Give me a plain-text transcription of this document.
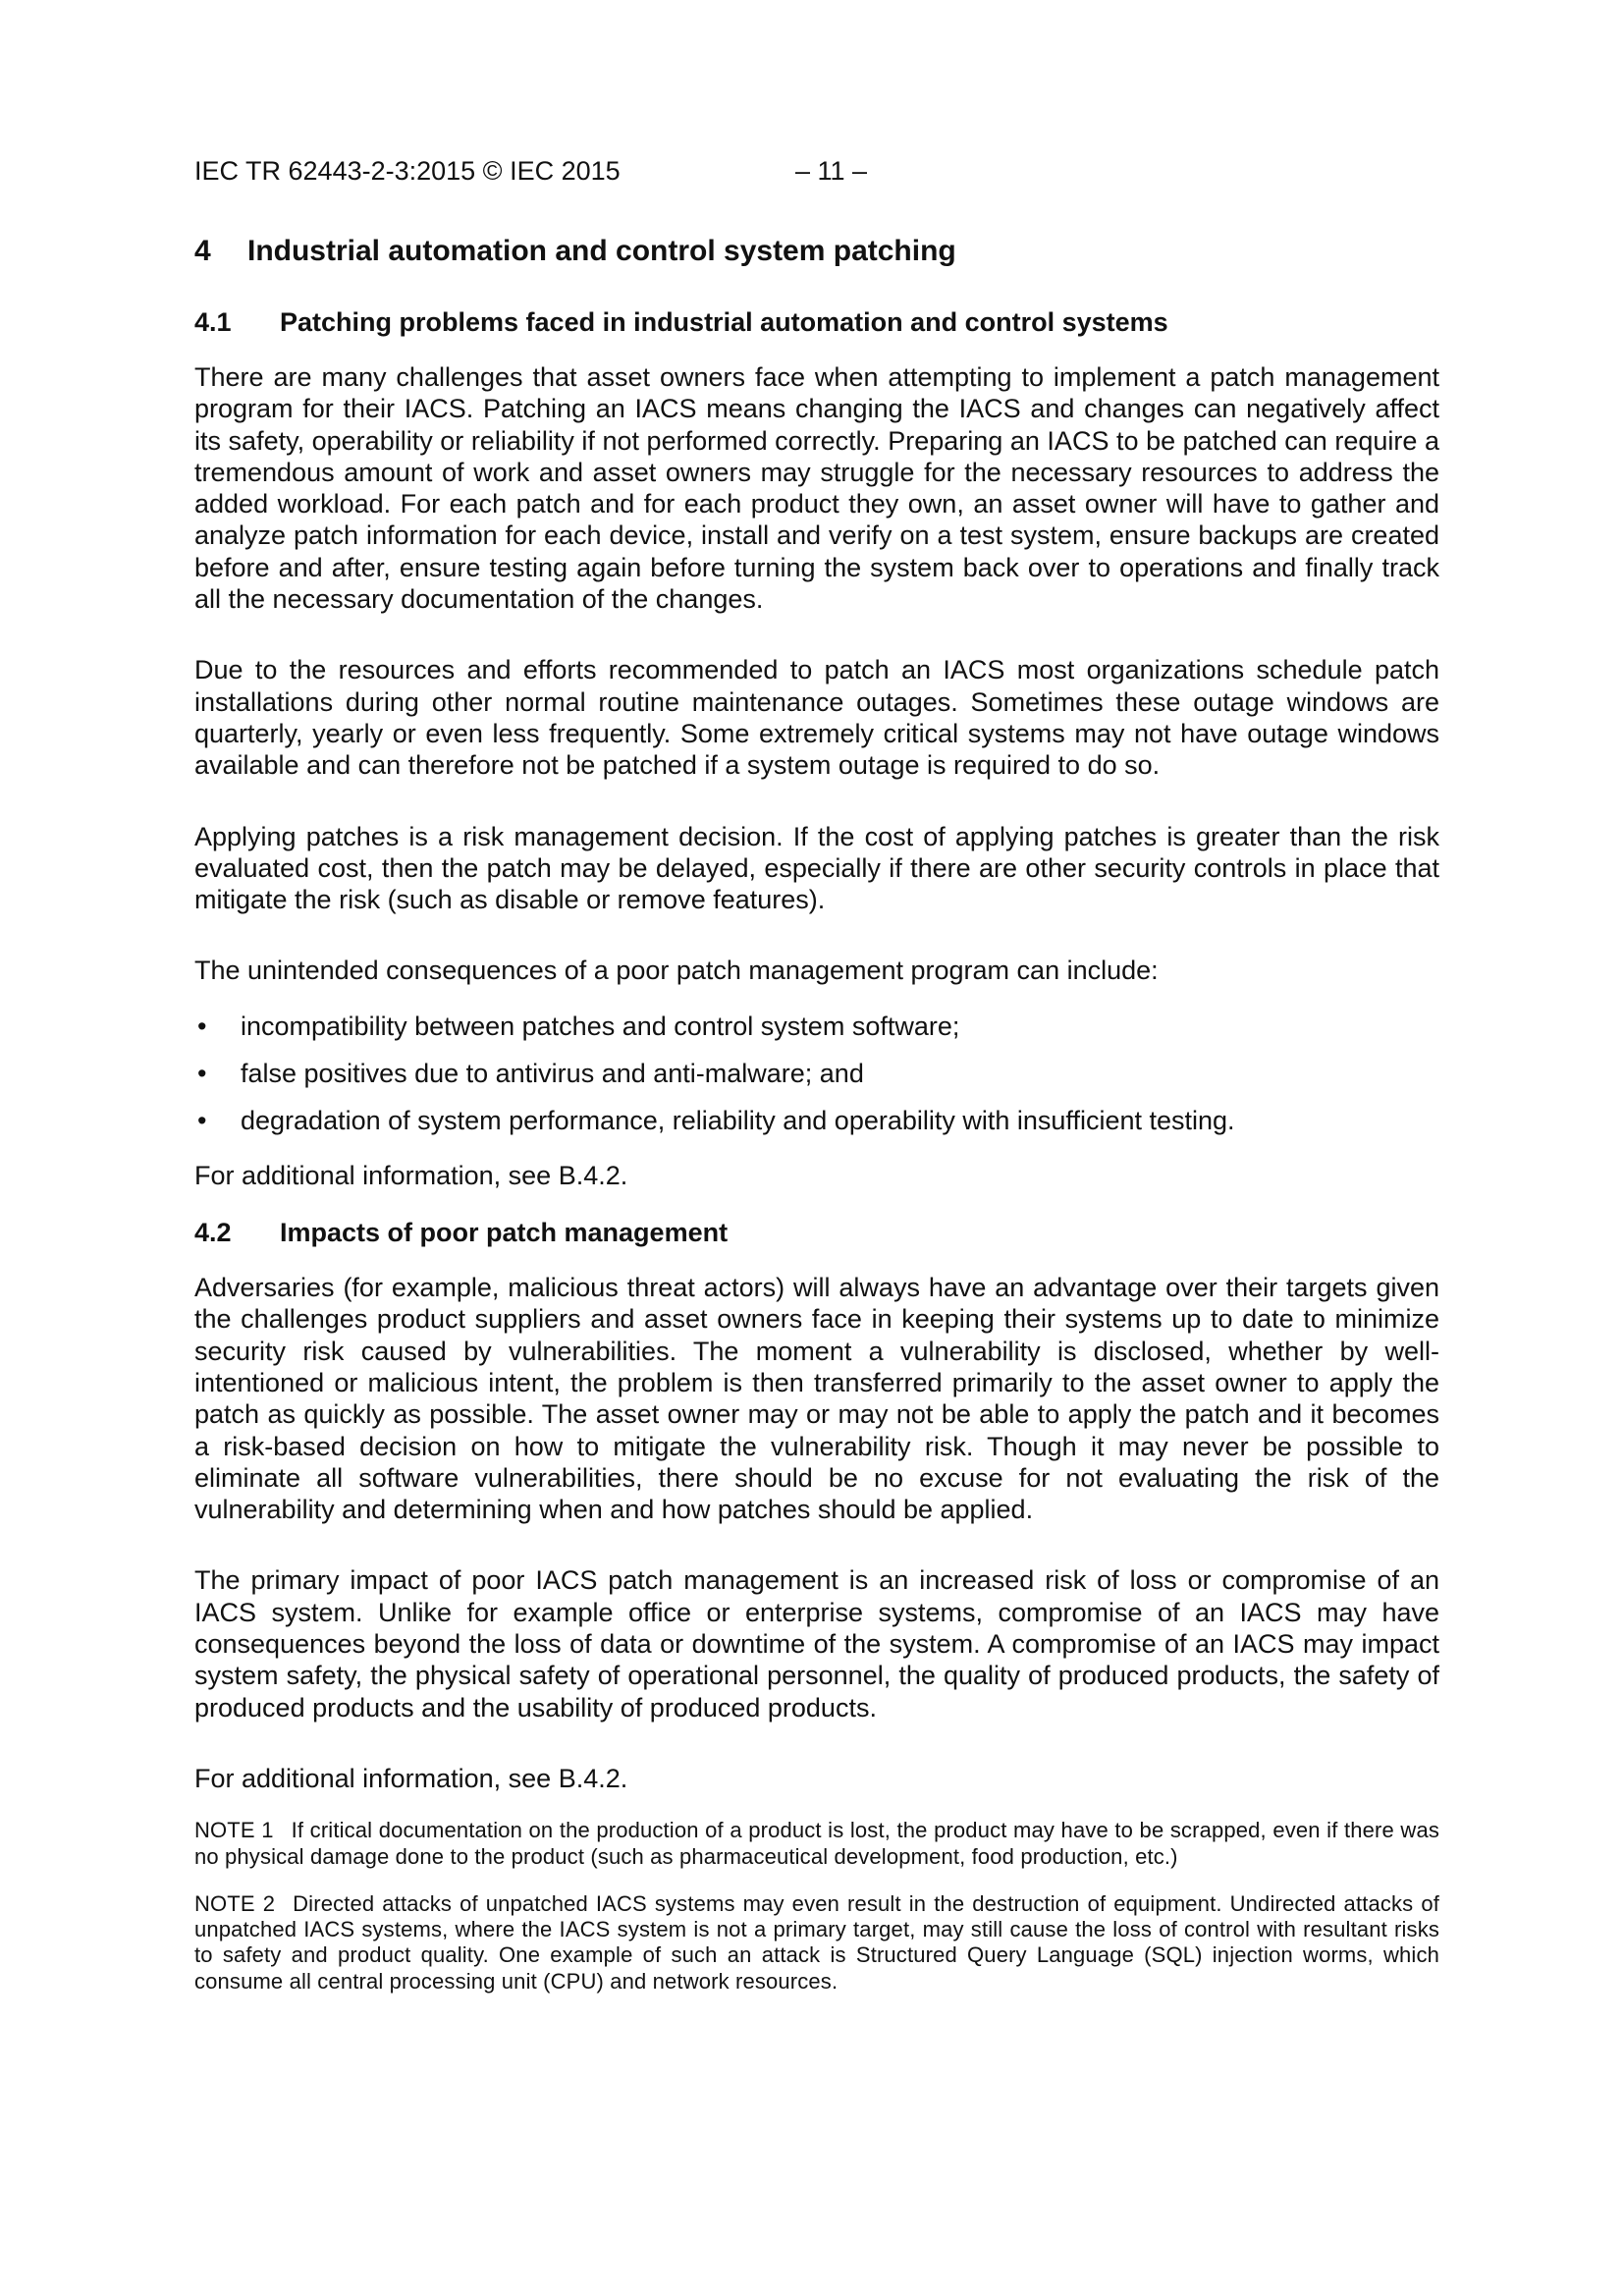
IEC TR 62443-2-3:2015 © IEC 2015	– 11 –
4 Industrial automation and control system patching
4.1 Patching problems faced in industrial automation and control systems

There are many challenges that asset owners face when attempting to implement a patch management program for their IACS. Patching an IACS means changing the IACS and changes can negatively affect its safety, operability or reliability if not performed correctly. Preparing an IACS to be patched can require a tremendous amount of work and asset owners may struggle for the necessary resources to address the added workload. For each patch and for each product they own, an asset owner will have to gather and analyze patch information for each device, install and verify on a test system, ensure backups are created before and after, ensure testing again before turning the system back over to operations and finally track all the necessary documentation of the changes.

Due to the resources and efforts recommended to patch an IACS most organizations schedule patch installations during other normal routine maintenance outages. Sometimes these outage windows are quarterly, yearly or even less frequently. Some extremely critical systems may not have outage windows available and can therefore not be patched if a system outage is required to do so.

Applying patches is a risk management decision. If the cost of applying patches is greater than the risk evaluated cost, then the patch may be delayed, especially if there are other security controls in place that mitigate the risk (such as disable or remove features).

The unintended consequences of a poor patch management program can include:

• incompatibility between patches and control system software;
• false positives due to antivirus and anti-malware; and
• degradation of system performance, reliability and operability with insufficient testing.

For additional information, see B.4.2.

4.2 Impacts of poor patch management

Adversaries (for example, malicious threat actors) will always have an advantage over their targets given the challenges product suppliers and asset owners face in keeping their systems up to date to minimize security risk caused by vulnerabilities. The moment a vulnerability is disclosed, whether by well-intentioned or malicious intent, the problem is then transferred primarily to the asset owner to apply the patch as quickly as possible. The asset owner may or may not be able to apply the patch and it becomes a risk-based decision on how to mitigate the vulnerability risk. Though it may never be possible to eliminate all software vulnerabilities, there should be no excuse for not evaluating the risk of the vulnerability and determining when and how patches should be applied.

The primary impact of poor IACS patch management is an increased risk of loss or compromise of an IACS system. Unlike for example office or enterprise systems, compromise of an IACS may have consequences beyond the loss of data or downtime of the system. A compromise of an IACS may impact system safety, the physical safety of operational personnel, the quality of produced products, the safety of produced products and the usability of produced products.

For additional information, see B.4.2.

NOTE 1 If critical documentation on the production of a product is lost, the product may have to be scrapped, even if there was no physical damage done to the product (such as pharmaceutical development, food production, etc.)

NOTE 2 Directed attacks of unpatched IACS systems may even result in the destruction of equipment. Undirected attacks of unpatched IACS systems, where the IACS system is not a primary target, may still cause the loss of control with resultant risks to safety and product quality. One example of such an attack is Structured Query Language (SQL) injection worms, which consume all central processing unit (CPU) and network resources.
